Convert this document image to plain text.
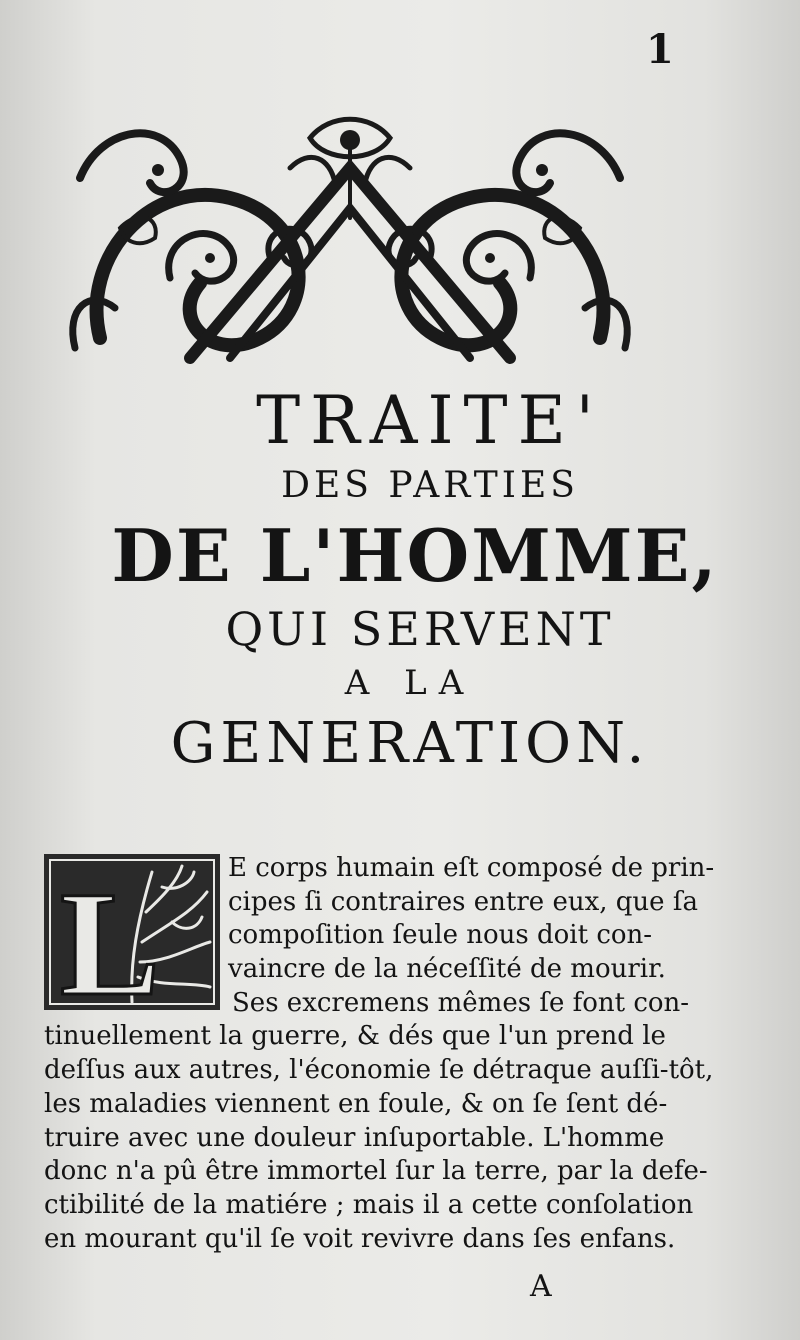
1
TRAITE'
DES PARTIES
DE L'HOMME,
QUI SERVENT
A LA
GENERATION.
L	E corps humain eſt composé de prin-
cipes ſi contraires entre eux, que ſa
compoſition ſeule nous doit con-
vaincre de la néceſſité de mourir.
Ses excremens mêmes ſe font con-
tinuellement la guerre, & dés que l'un prend le
deſſus aux autres, l'économie ſe détraque auſſi-tôt,
les maladies viennent en foule, & on ſe ſent dé-
truire avec une douleur inſuportable. L'homme
donc n'a pû être immortel ſur la terre, par la defe-
ctibilité de la matiére ; mais il a cette conſolation
en mourant qu'il ſe voit revivre dans ſes enfans.
A
